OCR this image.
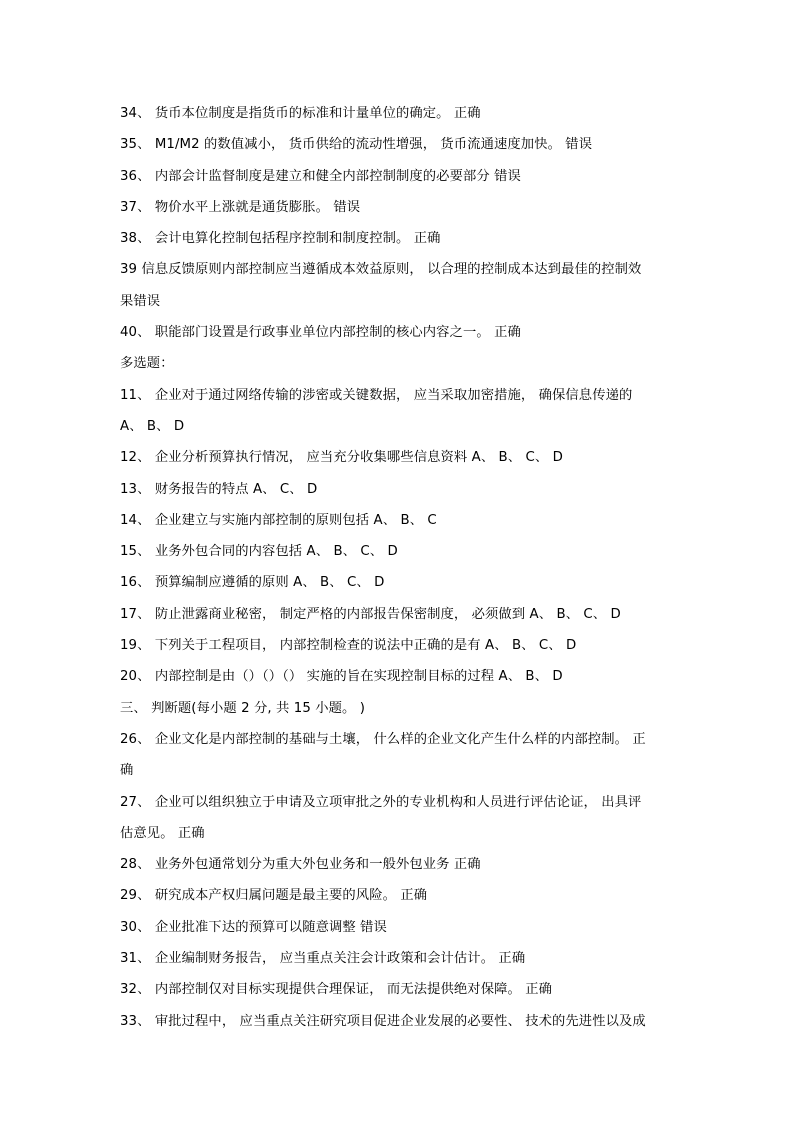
34、 货币本位制度是指货币的标准和计量单位的确定。 正确
35、 M1/M2 的数值减小， 货币供给的流动性增强， 货币流通速度加快。 错误
36、 内部会计监督制度是建立和健全内部控制制度的必要部分 错误
37、 物价水平上涨就是通货膨胀。 错误
38、 会计电算化控制包括程序控制和制度控制。 正确
39 信息反馈原则内部控制应当遵循成本效益原则， 以合理的控制成本达到最佳的控制效
果错误
40、 职能部门设置是行政事业单位内部控制的核心内容之一。 正确
多选题：
11、 企业对于通过网络传输的涉密或关键数据， 应当采取加密措施， 确保信息传递的
A、 B、 D
12、 企业分析预算执行情况， 应当充分收集哪些信息资料 A、 B、 C、 D
13、 财务报告的特点 A、 C、 D
14、 企业建立与实施内部控制的原则包括 A、 B、 C
15、 业务外包合同的内容包括 A、 B、 C、 D
16、 预算编制应遵循的原则 A、 B、 C、 D
17、 防止泄露商业秘密， 制定严格的内部报告保密制度， 必须做到 A、 B、 C、 D
19、 下列关于工程项目， 内部控制检查的说法中正确的是有 A、 B、 C、 D
20、 内部控制是由（）（）（） 实施的旨在实现控制目标的过程 A、 B、 D
三、 判断题(每小题 2 分, 共 15 小题。 )
26、 企业文化是内部控制的基础与土壤， 什么样的企业文化产生什么样的内部控制。 正
确
27、 企业可以组织独立于申请及立项审批之外的专业机构和人员进行评估论证， 出具评
估意见。 正确
28、 业务外包通常划分为重大外包业务和一般外包业务 正确
29、 研究成本产权归属问题是最主要的风险。 正确
30、 企业批准下达的预算可以随意调整 错误
31、 企业编制财务报告， 应当重点关注会计政策和会计估计。 正确
32、 内部控制仅对目标实现提供合理保证， 而无法提供绝对保障。 正确
33、 审批过程中， 应当重点关注研究项目促进企业发展的必要性、 技术的先进性以及成
